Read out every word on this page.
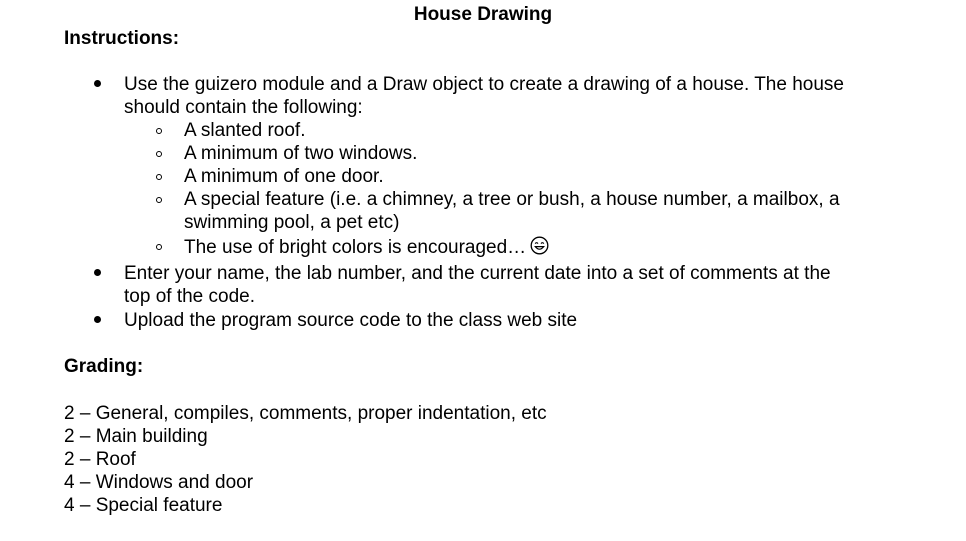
House Drawing
Instructions:
Use the guizero module and a Draw object to create a drawing of a house. The house
should contain the following:
A slanted roof.
A minimum of two windows.
A minimum of one door.
A special feature (i.e. a chimney, a tree or bush, a house number, a mailbox, a
swimming pool, a pet etc)
The use of bright colors is encouraged…
Enter your name, the lab number, and the current date into a set of comments at the
top of the code.
Upload the program source code to the class web site
Grading:
2 – General, compiles, comments, proper indentation, etc
2 – Main building
2 – Roof
4 – Windows and door
4 – Special feature
